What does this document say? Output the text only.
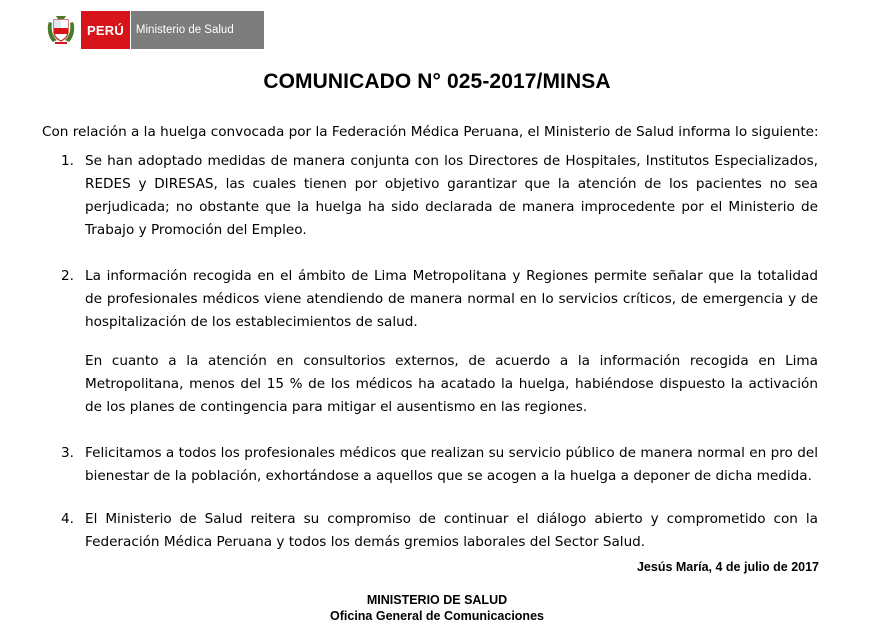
PERÚ	Ministerio de Salud
COMUNICADO N° 025-2017/MINSA
Con relación a la huelga convocada por la Federación Médica Peruana, el Ministerio de Salud informa lo siguiente:
1. Se han adoptado medidas de manera conjunta con los Directores de Hospitales, Institutos Especializados, REDES y DIRESAS, las cuales tienen por objetivo garantizar que la atención de los pacientes no sea perjudicada; no obstante que la huelga ha sido declarada de manera improcedente por el Ministerio de Trabajo y Promoción del Empleo.

2. La información recogida en el ámbito de Lima Metropolitana y Regiones permite señalar que la totalidad de profesionales médicos viene atendiendo de manera normal en lo servicios críticos, de emergencia y de hospitalización de los establecimientos de salud.

En cuanto a la atención en consultorios externos, de acuerdo a la información recogida en Lima Metropolitana, menos del 15 % de los médicos ha acatado la huelga, habiéndose dispuesto la activación de los planes de contingencia para mitigar el ausentismo en las regiones.

3. Felicitamos a todos los profesionales médicos que realizan su servicio público de manera normal en pro del bienestar de la población, exhortándose a aquellos que se acogen a la huelga a deponer de dicha medida.

4. El Ministerio de Salud reitera su compromiso de continuar el diálogo abierto y comprometido con la Federación Médica Peruana y todos los demás gremios laborales del Sector Salud.

Jesús María, 4 de julio de 2017
MINISTERIO DE SALUD
Oficina General de Comunicaciones
